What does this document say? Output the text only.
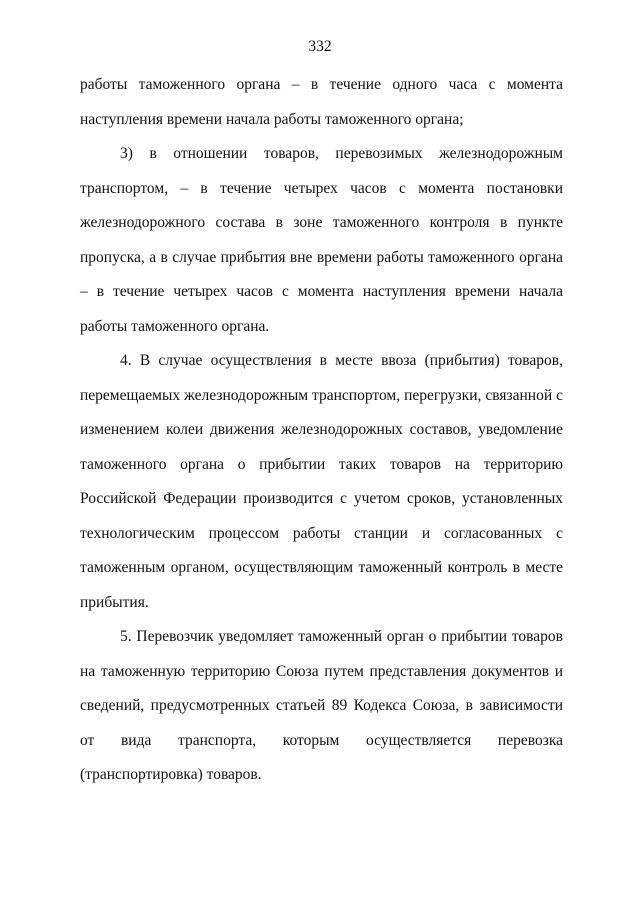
332

работы таможенного органа – в течение одного часа с момента наступления времени начала работы таможенного органа;

3) в отношении товаров, перевозимых железнодорожным транспортом, – в течение четырех часов с момента постановки железнодорожного состава в зоне таможенного контроля в пункте пропуска, а в случае прибытия вне времени работы таможенного органа – в течение четырех часов с момента наступления времени начала работы таможенного органа.

4. В случае осуществления в месте ввоза (прибытия) товаров, перемещаемых железнодорожным транспортом, перегрузки, связанной с изменением колеи движения железнодорожных составов, уведомление таможенного органа о прибытии таких товаров на территорию Российской Федерации производится с учетом сроков, установленных технологическим процессом работы станции и согласованных с таможенным органом, осуществляющим таможенный контроль в месте прибытия.

5. Перевозчик уведомляет таможенный орган о прибытии товаров на таможенную территорию Союза путем представления документов и сведений, предусмотренных статьей 89 Кодекса Союза, в зависимости от вида транспорта, которым осуществляется перевозка (транспортировка) товаров.
